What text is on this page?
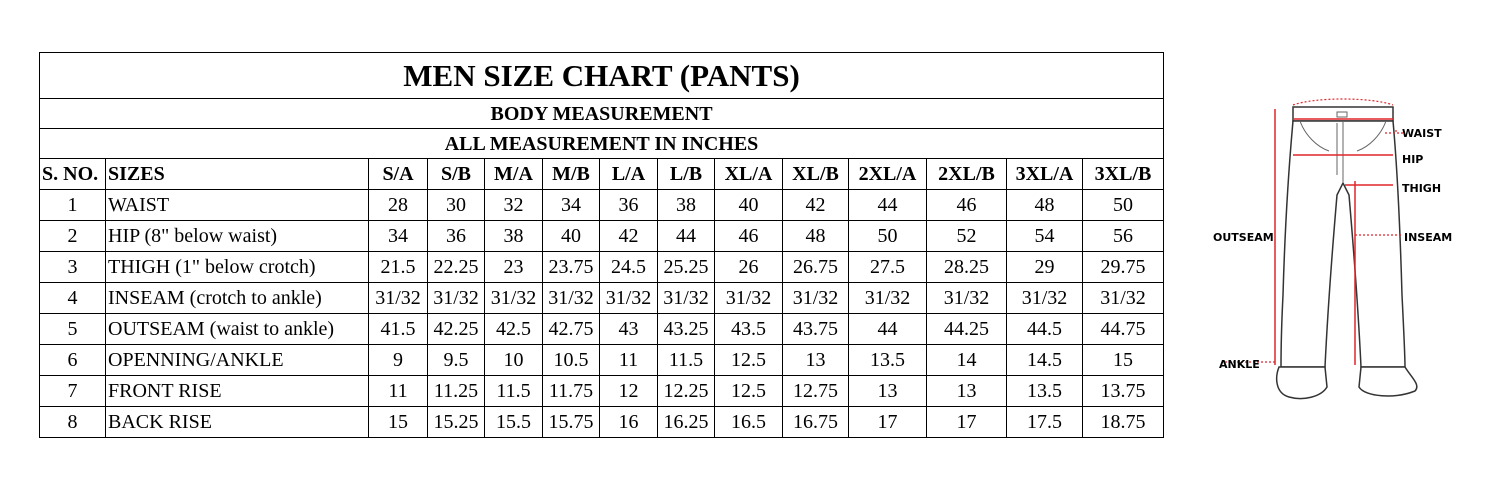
MEN SIZE CHART (PANTS)													
BODY MEASUREMENT													
ALL MEASUREMENT IN INCHES													
S. NO.	SIZES	S/A	S/B	M/A	M/B	L/A	L/B	XL/A	XL/B	2XL/A	2XL/B	3XL/A	3XL/B
1	WAIST	28	30	32	34	36	38	40	42	44	46	48	50
2	HIP (8" below waist)	34	36	38	40	42	44	46	48	50	52	54	56
3	THIGH (1" below crotch)	21.5	22.25	23	23.75	24.5	25.25	26	26.75	27.5	28.25	29	29.75
4	INSEAM (crotch to ankle)	31/32	31/32	31/32	31/32	31/32	31/32	31/32	31/32	31/32	31/32	31/32	31/32
5	OUTSEAM (waist to ankle)	41.5	42.25	42.5	42.75	43	43.25	43.5	43.75	44	44.25	44.5	44.75
6	OPENNING/ANKLE	9	9.5	10	10.5	11	11.5	12.5	13	13.5	14	14.5	15
7	FRONT RISE	11	11.25	11.5	11.75	12	12.25	12.5	12.75	13	13	13.5	13.75
8	BACK RISE	15	15.25	15.5	15.75	16	16.25	16.5	16.75	17	17	17.5	18.75
WAIST
HIP
THIGH
OUTSEAM	INSEAM
ANKLE
